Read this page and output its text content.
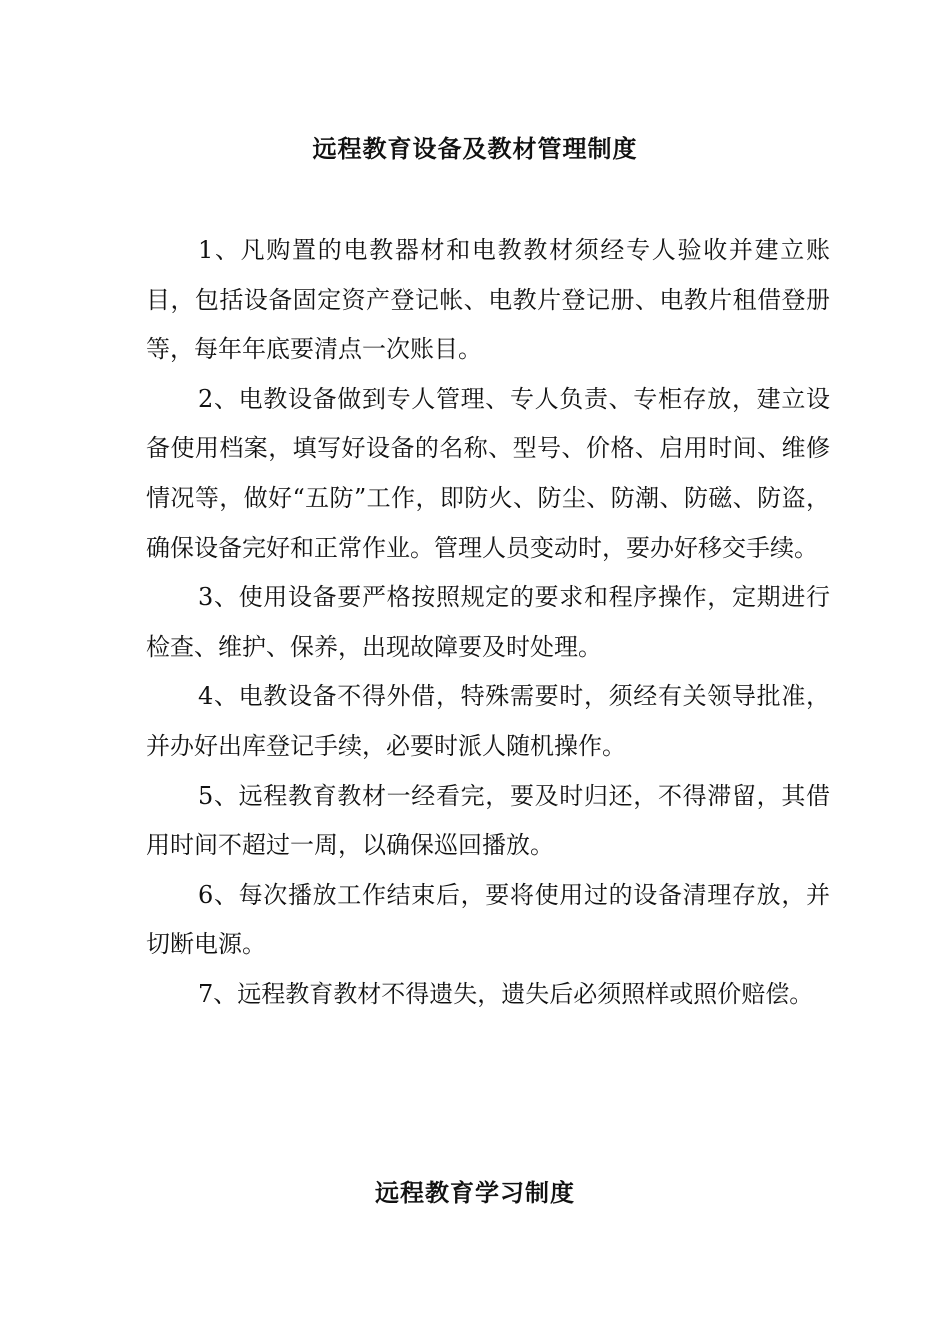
远程教育设备及教材管理制度

1、凡购置的电教器材和电教教材须经专人验收并建立账目，包括设备固定资产登记帐、电教片登记册、电教片租借登册等，每年年底要清点一次账目。

2、电教设备做到专人管理、专人负责、专柜存放，建立设备使用档案，填写好设备的名称、型号、价格、启用时间、维修情况等，做好“五防”工作，即防火、防尘、防潮、防磁、防盗，确保设备完好和正常作业。管理人员变动时，要办好移交手续。

3、使用设备要严格按照规定的要求和程序操作，定期进行检查、维护、保养，出现故障要及时处理。

4、电教设备不得外借，特殊需要时，须经有关领导批准，并办好出库登记手续，必要时派人随机操作。

5、远程教育教材一经看完，要及时归还，不得滞留，其借用时间不超过一周，以确保巡回播放。

6、每次播放工作结束后，要将使用过的设备清理存放，并切断电源。

7、远程教育教材不得遗失，遗失后必须照样或照价赔偿。

远程教育学习制度
